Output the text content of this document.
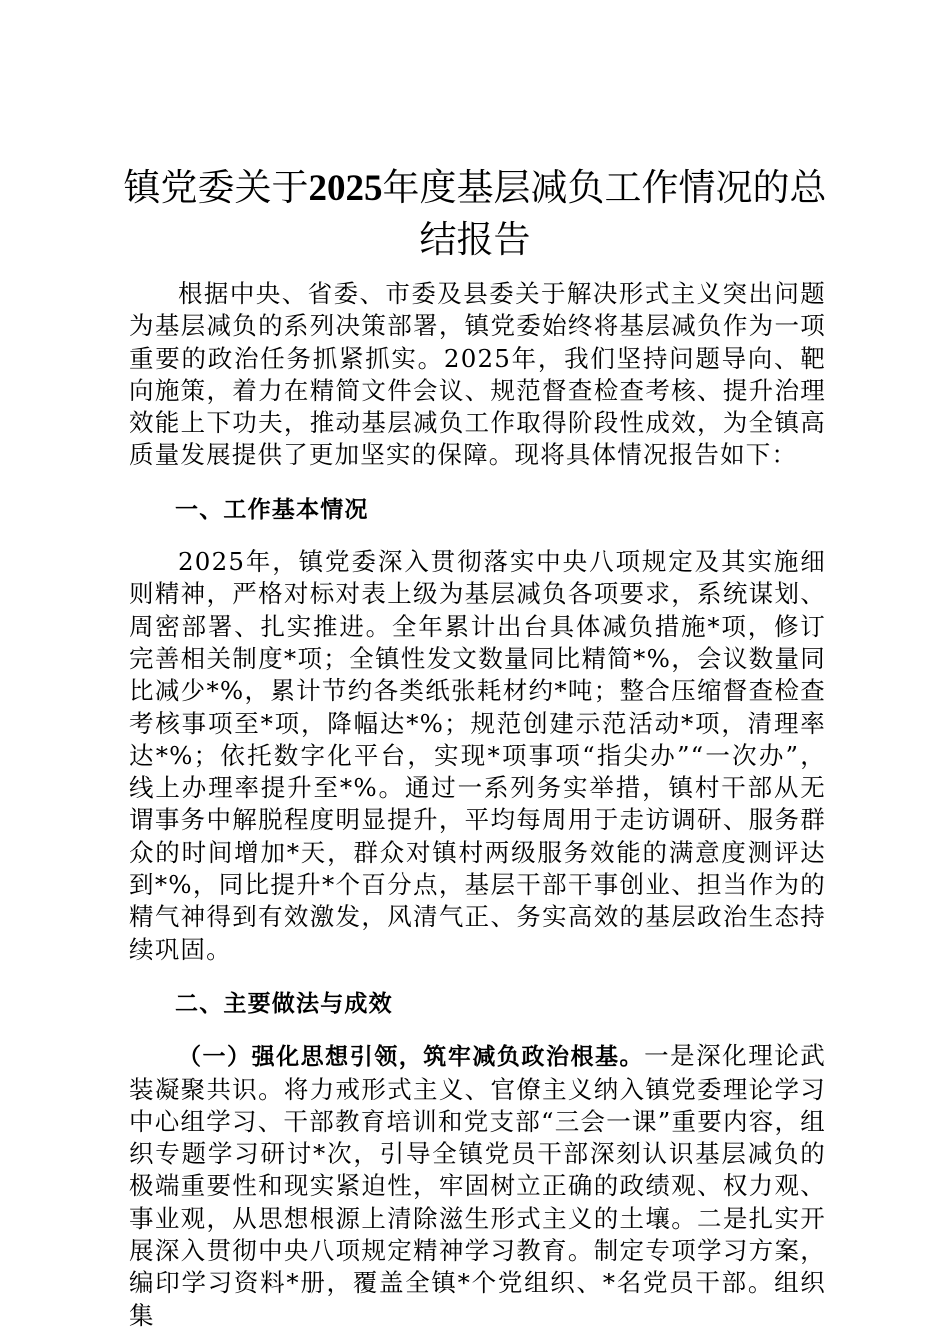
镇党委关于2025年度基层减负工作情况的总结报告

根据中央、省委、市委及县委关于解决形式主义突出问题为基层减负的系列决策部署，镇党委始终将基层减负作为一项重要的政治任务抓紧抓实。2025年，我们坚持问题导向、靶向施策，着力在精简文件会议、规范督查检查考核、提升治理效能上下功夫，推动基层减负工作取得阶段性成效，为全镇高质量发展提供了更加坚实的保障。现将具体情况报告如下：

一、工作基本情况

2025年，镇党委深入贯彻落实中央八项规定及其实施细则精神，严格对标对表上级为基层减负各项要求，系统谋划、周密部署、扎实推进。全年累计出台具体减负措施*项，修订完善相关制度*项；全镇性发文数量同比精简*%，会议数量同比减少*%，累计节约各类纸张耗材约*吨；整合压缩督查检查考核事项至*项，降幅达*%；规范创建示范活动*项，清理率达*%；依托数字化平台，实现*项事项“指尖办”“一次办”，线上办理率提升至*%。通过一系列务实举措，镇村干部从无谓事务中解脱程度明显提升，平均每周用于走访调研、服务群众的时间增加*天，群众对镇村两级服务效能的满意度测评达到*%，同比提升*个百分点，基层干部干事创业、担当作为的精气神得到有效激发，风清气正、务实高效的基层政治生态持续巩固。

二、主要做法与成效

（一）强化思想引领，筑牢减负政治根基。一是深化理论武装凝聚共识。将力戒形式主义、官僚主义纳入镇党委理论学习中心组学习、干部教育培训和党支部“三会一课”重要内容，组织专题学习研讨*次，引导全镇党员干部深刻认识基层减负的极端重要性和现实紧迫性，牢固树立正确的政绩观、权力观、事业观，从思想根源上清除滋生形式主义的土壤。二是扎实开展深入贯彻中央八项规定精神学习教育。制定专项学习方案，编印学习资料*册，覆盖全镇*个党组织、*名党员干部。组织集
